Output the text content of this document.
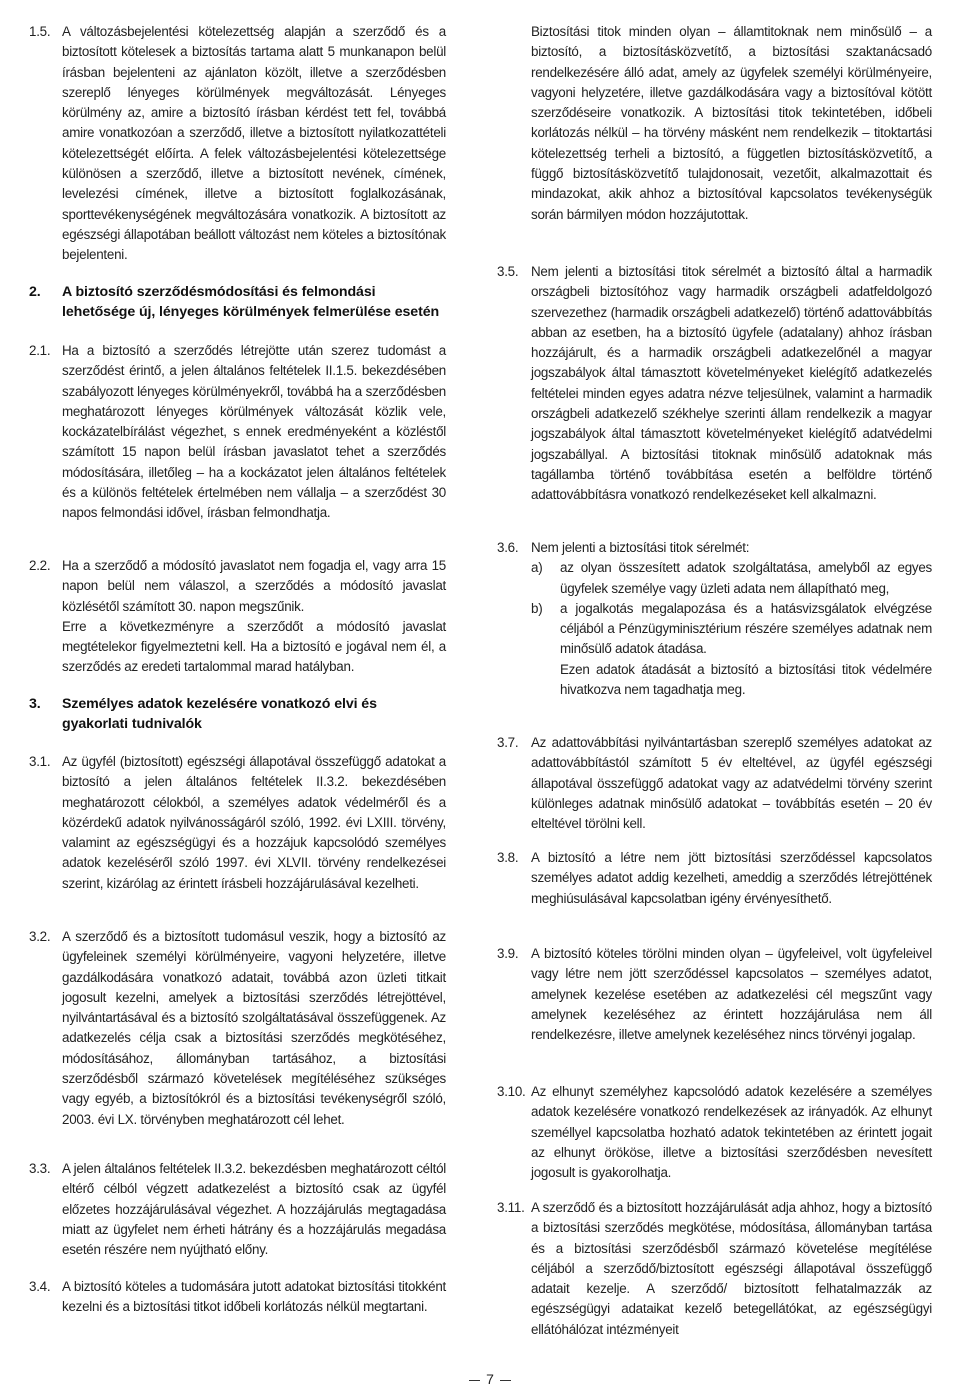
1.5. A változásbejelentési kötelezettség alapján a szerződő és a biztosított kötelesek a biztosítás tartama alatt 5 munkanapon belül írásban bejelenteni az ajánlaton közölt, illetve a szerződésben szereplő lényeges körülmények megváltozását. Lényeges körülmény az, amire a biztosító írásban kérdést tett fel, továbbá amire vonatkozóan a szerződő, illetve a biztosított nyilatkozattételi kötelezettségét előírta. A felek változásbejelentési kötelezettsége különösen a szerződő, illetve a biztosított nevének, címének, levelezési címének, illetve a biztosított foglalkozásának, sporttevékenységének megváltozására vonatkozik. A biztosított az egészségi állapotában beállott változást nem köteles a biztosítónak bejelenteni.
2.	A biztosító szerződésmódosítási és felmondási lehetősége új, lényeges körülmények felmerülése esetén
2.1. Ha a biztosító a szerződés létrejötte után szerez tudomást a szerződést érintő, a jelen általános feltételek II.1.5. bekezdésében szabályozott lényeges körülményekről, továbbá ha a szerződésben meghatározott lényeges körülmények változását közlik vele, kockázatelbírálást végezhet, s ennek eredményeként a közléstől számított 15 napon belül írásban javaslatot tehet a szerződés módosítására, illetőleg – ha a kockázatot jelen általános feltételek és a különös feltételek értelmében nem vállalja – a szerződést 30 napos felmondási idővel, írásban felmondhatja.
2.2. Ha a szerződő a módosító javaslatot nem fogadja el, vagy arra 15 napon belül nem válaszol, a szerződés a módosító javaslat közlésétől számított 30. napon megszűnik.
Erre a következményre a szerződőt a módosító javaslat megtételekor figyelmeztetni kell. Ha a biztosító e jogával nem él, a szerződés az eredeti tartalommal marad hatályban.
3.	Személyes adatok kezelésére vonatkozó elvi és gyakorlati tudnivalók
3.1. Az ügyfél (biztosított) egészségi állapotával összefüggő adatokat a biztosító a jelen általános feltételek II.3.2. bekezdésében meghatározott célokból, a személyes adatok védelméről és a közérdekű adatok nyilvánosságáról szóló, 1992. évi LXIII. törvény, valamint az egészségügyi és a hozzájuk kapcsolódó személyes adatok kezeléséről szóló 1997. évi XLVII. törvény rendelkezései szerint, kizárólag az érintett írásbeli hozzájárulásával kezelheti.
3.2. A szerződő és a biztosított tudomásul veszik, hogy a biztosító az ügyfeleinek személyi körülményeire, vagyoni helyzetére, illetve gazdálkodására vonatkozó adatait, továbbá azon üzleti titkait jogosult kezelni, amelyek a biztosítási szerződés létrejöttével, nyilvántartásával és a biztosító szolgáltatásával összefüggenek. Az adatkezelés célja csak a biztosítási szerződés megkötéséhez, módosításához, állományban tartásához, a biztosítási szerződésből származó követelések megítéléséhez szükséges vagy egyéb, a biztosítókról és a biztosítási tevékenységről szóló, 2003. évi LX. törvényben meghatározott cél lehet.
3.3. A jelen általános feltételek II.3.2. bekezdésben meghatározott céltól eltérő célból végzett adatkezelést a biztosító csak az ügyfél előzetes hozzájárulásával végezhet. A hozzájárulás megtagadása miatt az ügyfelet nem érheti hátrány és a hozzájárulás megadása esetén részére nem nyújtható előny.
3.4. A biztosító köteles a tudomására jutott adatokat biztosítási titokként kezelni és a biztosítási titkot időbeli korlátozás nélkül megtartani.
Biztosítási titok minden olyan – államtitoknak nem minősülő – a biztosító, a biztosításközvetítő, a biztosítási szaktanácsadó rendelkezésére álló adat, amely az ügyfelek személyi körülményeire, vagyoni helyzetére, illetve gazdálkodására vagy a biztosítóval kötött szerződéseire vonatkozik. A biztosítási titok tekintetében, időbeli korlátozás nélkül – ha törvény másként nem rendelkezik – titoktartási kötelezettség terheli a biztosító, a független biztosításközvetítő, a függő biztosításközvetítő tulajdonosait, vezetőit, alkalmazottait és mindazokat, akik ahhoz a biztosítóval kapcsolatos tevékenységük során bármilyen módon hozzájutottak.
3.5. Nem jelenti a biztosítási titok sérelmét a biztosító által a harmadik országbeli biztosítóhoz vagy harmadik országbeli adatfeldolgozó szervezethez (harmadik országbeli adatkezelő) történő adattovábbítás abban az esetben, ha a biztosító ügyfele (adatalany) ahhoz írásban hozzájárult, és a harmadik országbeli adatkezelőnél a magyar jogszabályok által támasztott követelményeket kielégítő adatkezelés feltételei minden egyes adatra nézve teljesülnek, valamint a harmadik országbeli adatkezelő székhelye szerinti állam rendelkezik a magyar jogszabályok által támasztott követelményeket kielégítő adatvédelmi jogszabállyal. A biztosítási titoknak minősülő adatoknak más tagállamba történő továbbítása esetén a belföldre történő adattovábbításra vonatkozó rendelkezéseket kell alkalmazni.
3.6. Nem jelenti a biztosítási titok sérelmét:
a) az olyan összesített adatok szolgáltatása, amelyből az egyes ügyfelek személye vagy üzleti adata nem állapítható meg,
b) a jogalkotás megalapozása és a hatásvizsgálatok elvégzése céljából a Pénzügyminisztérium részére személyes adatnak nem minősülő adatok átadása.
Ezen adatok átadását a biztosító a biztosítási titok védelmére hivatkozva nem tagadhatja meg.
3.7. Az adattovábbítási nyilvántartásban szereplő személyes adatokat az adattovábbítástól számított 5 év elteltével, az ügyfél egészségi állapotával összefüggő adatokat vagy az adatvédelmi törvény szerint különleges adatnak minősülő adatokat – továbbítás esetén – 20 év elteltével törölni kell.
3.8. A biztosító a létre nem jött biztosítási szerződéssel kapcsolatos személyes adatot addig kezelheti, ameddig a szerződés létrejöttének meghiúsulásával kapcsolatban igény érvényesíthető.
3.9. A biztosító köteles törölni minden olyan – ügyfeleivel, volt ügyfeleivel vagy létre nem jött szerződéssel kapcsolatos – személyes adatot, amelynek kezelése esetében az adatkezelési cél megszűnt vagy amelynek kezeléséhez az érintett hozzájárulása nem áll rendelkezésre, illetve amelynek kezeléséhez nincs törvényi jogalap.
3.10. Az elhunyt személyhez kapcsolódó adatok kezelésére a személyes adatok kezelésére vonatkozó rendelkezések az irányadók. Az elhunyt személlyel kapcsolatba hozható adatok tekintetében az érintett jogait az elhunyt örököse, illetve a biztosítási szerződésben nevesített jogosult is gyakorolhatja.
3.11. A szerződő és a biztosított hozzájárulását adja ahhoz, hogy a biztosító a biztosítási szerződés megkötése, módosítása, állományban tartása és a biztosítási szerződésből származó követelése megítélése céljából a szerződő/biztosított egészségi állapotával összefüggő adatait kezelje. A szerződő/ biztosított felhatalmazzák az egészségügyi adataikat kezelő betegellátókat, az egészségügyi ellátóhálózat intézményeit
7
